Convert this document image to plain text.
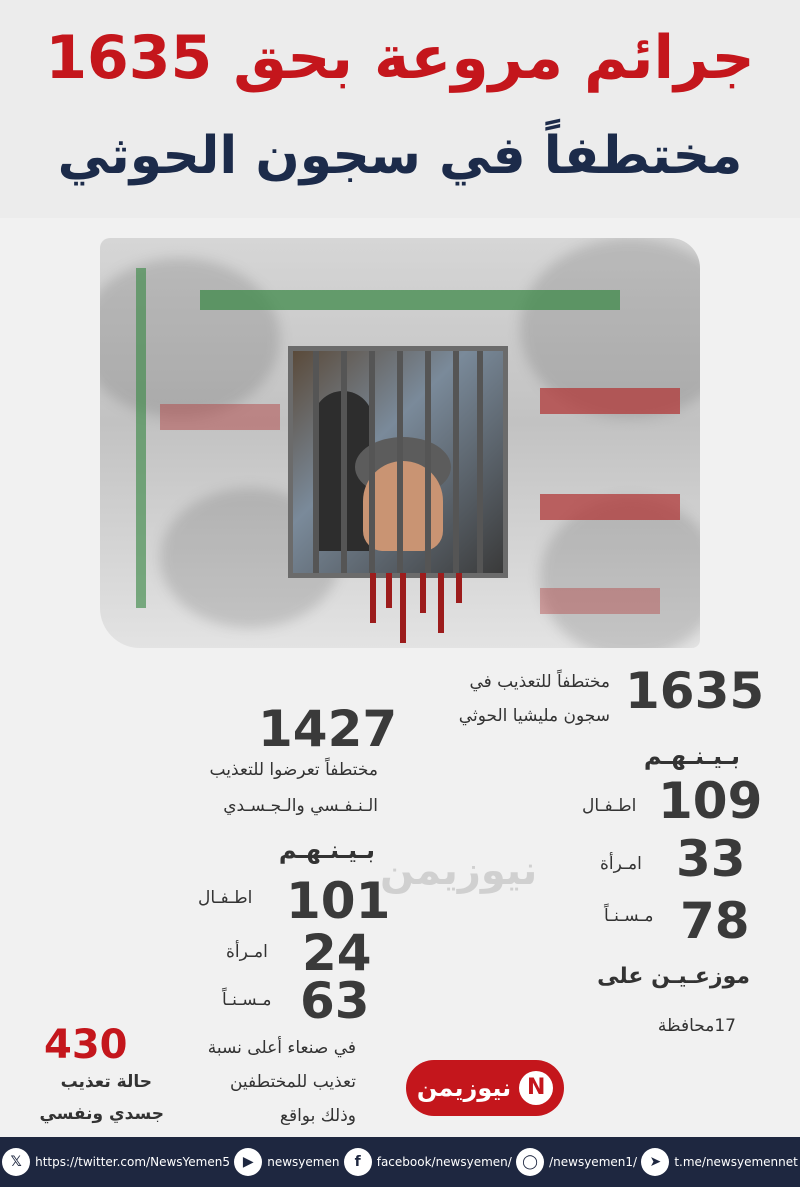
جرائم مروعة بحق 1635
مختطفاً في سجون الحوثي
1635
مختطفاً للتعذيب في
سجون مليشيا الحوثي
بـيـنـهـم
109
اطـفـال
33
امـرأة
78
مـسـنـاً
موزعـيـن على
17محافظة
1427
مختطفاً تعرضوا للتعذيب
الـنـفـسي والـجـسـدي
بـيـنـهـم
101
اطـفـال
24
امـرأة
63
مـسـنـاً
في صنعاء أعلى نسبة
تعذيب للمختطفين
وذلك بواقع
430
حالة تعذيب
جسدي ونفسي
نيوزيمن
نيوزيمن N
𝕏	https://twitter.com/NewsYemen5 ▶	newsyemen	f	facebook/newsyemen/ ◯ /newsyemen1/ ➤	t.me/newsyemennet
